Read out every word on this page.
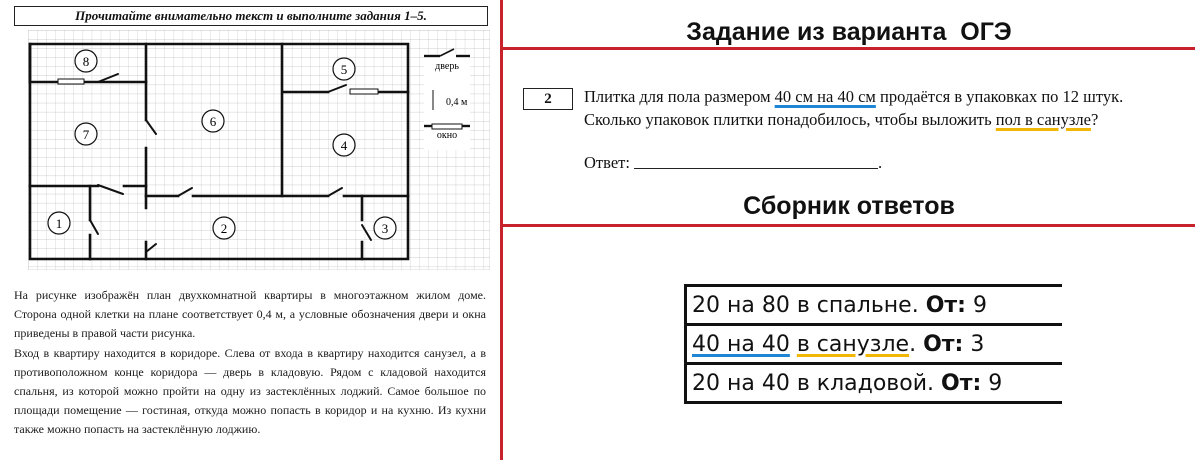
Прочитайте внимательно текст и выполните задания 1–5.
8
7
6
5
4
1	2	3
дверь
0,4 м
окно

На рисунке изображён план двухкомнатной квартиры в многоэтажном жилом доме. Сторона одной клетки на плане соответствует 0,4 м, а условные обозначения двери и окна приведены в правой части рисунка.

Вход в квартиру находится в коридоре. Слева от входа в квартиру находится санузел, а в противоположном конце коридора — дверь в кладовую. Рядом с кладовой находится спальня, из которой можно пройти на одну из застеклённых лоджий. Самое большое по площади помещение — гостиная, откуда можно попасть в коридор и на кухню. Из кухни также можно попасть на застеклённую лоджию.

Задание из варианта  ОГЭ
2	Плитка для пола размером 40 см на 40 см продаётся в упаковках по 12 штук.

Сколько упаковок плитки понадобилось, чтобы выложить пол в санузле?

Ответ:	.
Сборник ответов
20 на 80 в спальне. От: 9
40 на 40 в санузле. От: 3
20 на 40 в кладовой. От: 9
